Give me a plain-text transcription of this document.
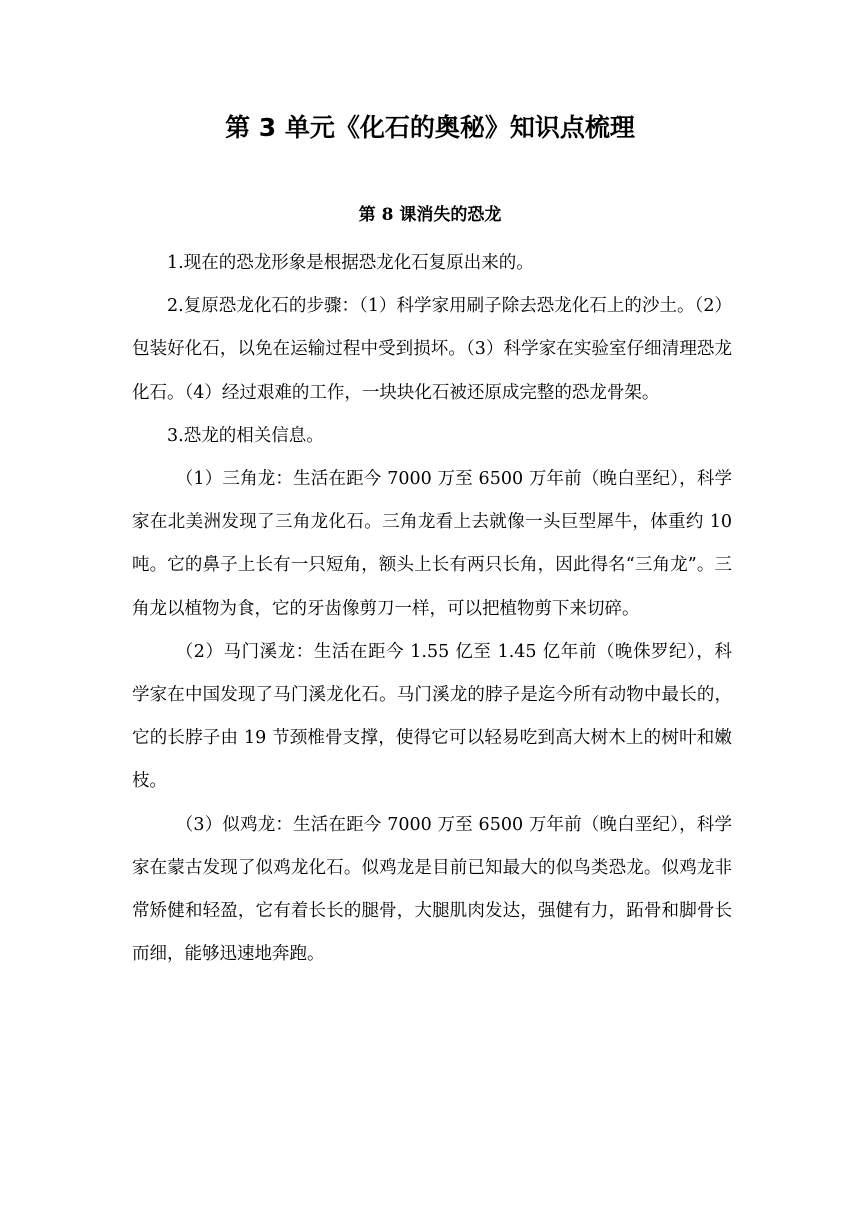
第 3 单元《化石的奥秘》知识点梳理
第 8 课消失的恐龙

1.现在的恐龙形象是根据恐龙化石复原出来的。

2.复原恐龙化石的步骤：（1）科学家用刷子除去恐龙化石上的沙土。（2）包装好化石，以免在运输过程中受到损坏。（3）科学家在实验室仔细清理恐龙化石。（4）经过艰难的工作，一块块化石被还原成完整的恐龙骨架。

3.恐龙的相关信息。

（1）三角龙：生活在距今 7000 万至 6500 万年前（晚白垩纪），科学家在北美洲发现了三角龙化石。三角龙看上去就像一头巨型犀牛，体重约 10 吨。它的鼻子上长有一只短角，额头上长有两只长角，因此得名“三角龙”。三角龙以植物为食，它的牙齿像剪刀一样，可以把植物剪下来切碎。

（2）马门溪龙：生活在距今 1.55 亿至 1.45 亿年前（晚侏罗纪），科学家在中国发现了马门溪龙化石。马门溪龙的脖子是迄今所有动物中最长的，它的长脖子由 19 节颈椎骨支撑，使得它可以轻易吃到高大树木上的树叶和嫩枝。

（3）似鸡龙：生活在距今 7000 万至 6500 万年前（晚白垩纪），科学家在蒙古发现了似鸡龙化石。似鸡龙是目前已知最大的似鸟类恐龙。似鸡龙非常矫健和轻盈，它有着长长的腿骨，大腿肌肉发达，强健有力，跖骨和脚骨长而细，能够迅速地奔跑。
